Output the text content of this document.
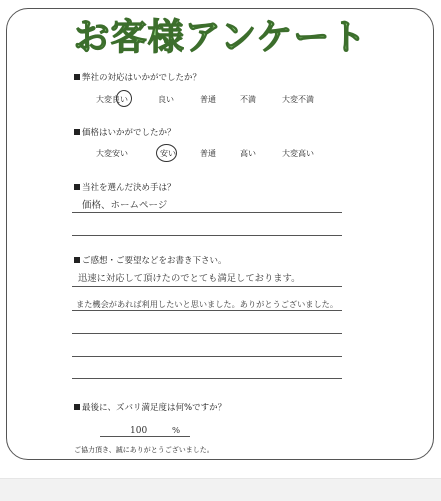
お客様アンケート
弊社の対応はいかがでしたか？
大変良い	良い	普通	不満	大変不満
価格はいかがでしたか？
大変安い	安い	普通	高い	大変高い
当社を選んだ決め手は？
価格、ホームページ
ご感想・ご要望などをお書き下さい。
迅速に対応して頂けたのでとても満足しております。
また機会があれば利用したいと思いました。ありがとうございました。
最後に、ズバリ満足度は何%ですか？
100	%
ご協力頂き、誠にありがとうございました。
